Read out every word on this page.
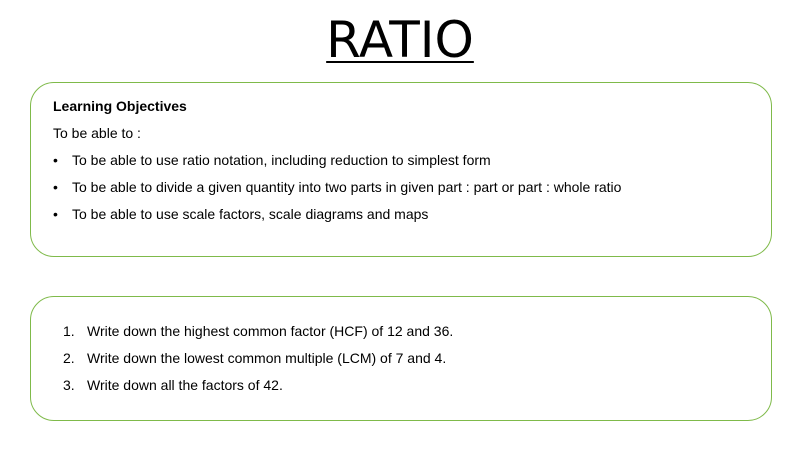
RATIO
Learning Objectives
To be able to :
• To be able to use ratio notation, including reduction to simplest form
• To be able to divide a given quantity into two parts in given part : part or part : whole ratio
• To be able to use scale factors, scale diagrams and maps
1. Write down the highest common factor (HCF) of 12 and 36.
2. Write down the lowest common multiple (LCM) of 7 and 4.
3. Write down all the factors of 42.
